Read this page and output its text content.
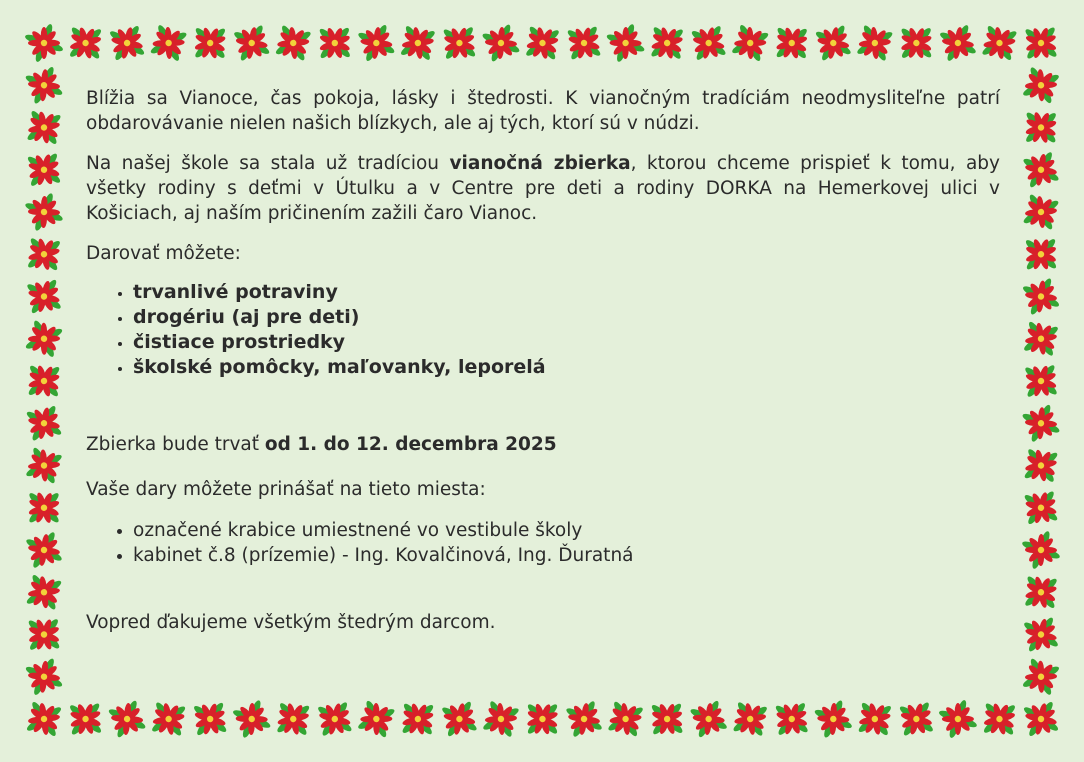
Blížia sa Vianoce, čas pokoja, lásky i štedrosti. K vianočným tradíciám neodmysliteľne patrí obdarovávanie nielen našich blízkych, ale aj tých, ktorí sú v núdzi.

Na našej škole sa stala už tradíciou vianočná zbierka, ktorou chceme prispieť k tomu, aby všetky rodiny s deťmi v Útulku a v Centre pre deti a rodiny DORKA na Hemerkovej ulici v Košiciach, aj naším pričinením zažili čaro Vianoc.

Darovať môžete:

• trvanlivé potraviny
• drogériu (aj pre deti)
• čistiace prostriedky
• školské pomôcky, maľovanky, leporelá

Zbierka bude trvať od 1. do 12. decembra 2025

Vaše dary môžete prinášať na tieto miesta:

• označené krabice umiestnené vo vestibule školy
• kabinet č.8 (prízemie) - Ing. Kovalčinová, Ing. Ďuratná

Vopred ďakujeme všetkým štedrým darcom.
